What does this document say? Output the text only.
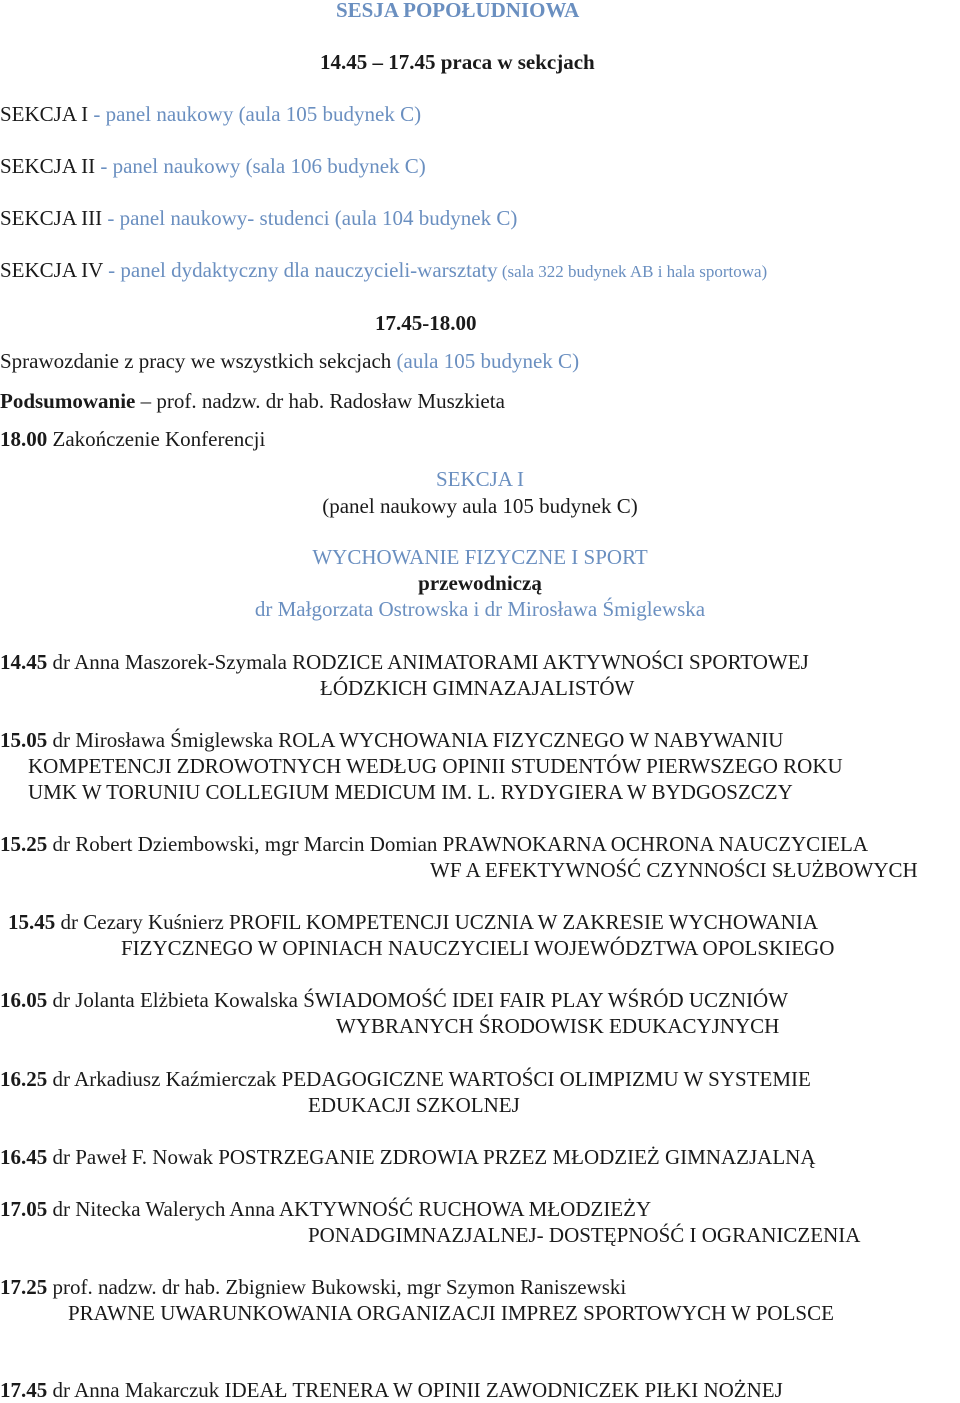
SESJA POPOŁUDNIOWA
14.45 – 17.45 praca w sekcjach
SEKCJA I - panel naukowy (aula 105 budynek C)
SEKCJA II - panel naukowy (sala 106 budynek C)
SEKCJA III - panel naukowy- studenci (aula 104 budynek C)
SEKCJA IV - panel dydaktyczny dla nauczycieli-warsztaty (sala 322 budynek AB i hala sportowa)
17.45-18.00
Sprawozdanie z pracy we wszystkich sekcjach (aula 105 budynek C)
Podsumowanie – prof. nadzw. dr hab. Radosław Muszkieta
18.00 Zakończenie Konferencji
SEKCJA I
(panel naukowy aula 105 budynek C)
WYCHOWANIE FIZYCZNE I SPORT
przewodniczą
dr Małgorzata Ostrowska i dr Mirosława Śmiglewska
14.45 dr Anna Maszorek-Szymala RODZICE ANIMATORAMI AKTYWNOŚCI SPORTOWEJ
ŁÓDZKICH GIMNAZAJALISTÓW
15.05 dr Mirosława Śmiglewska ROLA WYCHOWANIA FIZYCZNEGO W NABYWANIU
KOMPETENCJI ZDROWOTNYCH WEDŁUG OPINII STUDENTÓW PIERWSZEGO ROKU
UMK W TORUNIU COLLEGIUM MEDICUM IM. L. RYDYGIERA W BYDGOSZCZY
15.25 dr Robert Dziembowski, mgr Marcin Domian PRAWNOKARNA OCHRONA NAUCZYCIELA
WF A EFEKTYWNOŚĆ CZYNNOŚCI SŁUŻBOWYCH
15.45 dr Cezary Kuśnierz PROFIL KOMPETENCJI UCZNIA W ZAKRESIE WYCHOWANIA
FIZYCZNEGO W OPINIACH NAUCZYCIELI WOJEWÓDZTWA OPOLSKIEGO
16.05 dr Jolanta Elżbieta Kowalska ŚWIADOMOŚĆ IDEI FAIR PLAY WŚRÓD UCZNIÓW
WYBRANYCH ŚRODOWISK EDUKACYJNYCH
16.25 dr Arkadiusz Kaźmierczak PEDAGOGICZNE WARTOŚCI OLIMPIZMU W SYSTEMIE
EDUKACJI SZKOLNEJ
16.45 dr Paweł F. Nowak POSTRZEGANIE ZDROWIA PRZEZ MŁODZIEŻ GIMNAZJALNĄ
17.05 dr Nitecka Walerych Anna AKTYWNOŚĆ RUCHOWA MŁODZIEŻY
PONADGIMNAZJALNEJ- DOSTĘPNOŚĆ I OGRANICZENIA
17.25 prof. nadzw. dr hab. Zbigniew Bukowski, mgr Szymon Raniszewski
PRAWNE UWARUNKOWANIA ORGANIZACJI IMPREZ SPORTOWYCH W POLSCE
17.45 dr Anna Makarczuk IDEAŁ TRENERA W OPINII ZAWODNICZEK PIŁKI NOŻNEJ
